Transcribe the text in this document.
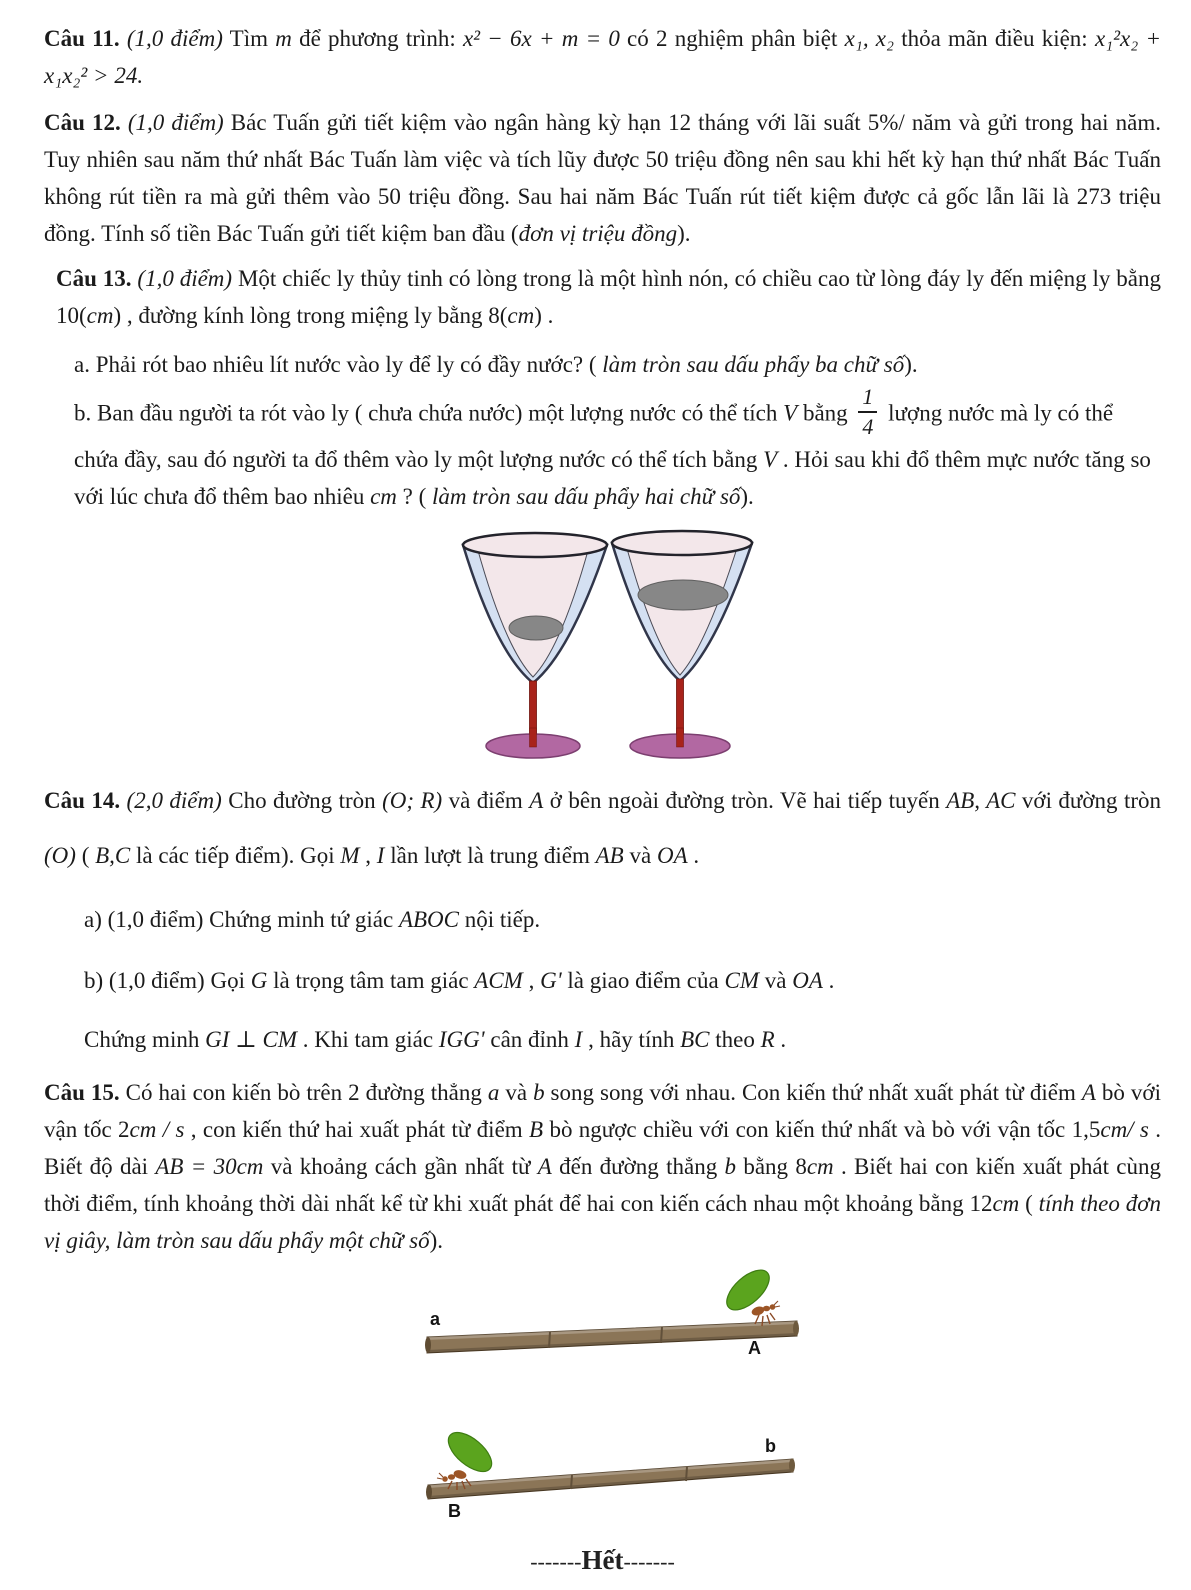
Câu 11. (1,0 điểm) Tìm m để phương trình: x² − 6x + m = 0 có 2 nghiệm phân biệt x₁, x₂ thỏa mãn điều kiện: x₁²x₂ + x₁x₂² > 24.

Câu 12. (1,0 điểm) Bác Tuấn gửi tiết kiệm vào ngân hàng kỳ hạn 12 tháng với lãi suất 5%/ năm và gửi trong hai năm. Tuy nhiên sau năm thứ nhất Bác Tuấn làm việc và tích lũy được 50 triệu đồng nên sau khi hết kỳ hạn thứ nhất Bác Tuấn không rút tiền ra mà gửi thêm vào 50 triệu đồng. Sau hai năm Bác Tuấn rút tiết kiệm được cả gốc lẫn lãi là 273 triệu đồng. Tính số tiền Bác Tuấn gửi tiết kiệm ban đầu (đơn vị triệu đồng).

Câu 13. (1,0 điểm) Một chiếc ly thủy tinh có lòng trong là một hình nón, có chiều cao từ lòng đáy ly đến miệng ly bằng 10(cm) , đường kính lòng trong miệng ly bằng 8(cm) .

a. Phải rót bao nhiêu lít nước vào ly để ly có đầy nước? ( làm tròn sau dấu phẩy ba chữ số).

b. Ban đầu người ta rót vào ly ( chưa chứa nước) một lượng nước có thể tích V bằng $\frac{1}{4}$ lượng nước mà ly có thể chứa đầy, sau đó người ta đổ thêm vào ly một lượng nước có thể tích bằng V . Hỏi sau khi đổ thêm mực nước tăng so với lúc chưa đổ thêm bao nhiêu cm ? ( làm tròn sau dấu phẩy hai chữ số).

Câu 14. (2,0 điểm) Cho đường tròn (O; R) và điểm A ở bên ngoài đường tròn. Vẽ hai tiếp tuyến AB, AC với đường tròn (O) ( B,C là các tiếp điểm). Gọi M , I lần lượt là trung điểm AB và OA .

a) (1,0 điểm) Chứng minh tứ giác ABOC nội tiếp.

b) (1,0 điểm) Gọi G là trọng tâm tam giác ACM , G' là giao điểm của CM và OA .

Chứng minh GI ⊥ CM . Khi tam giác IGG' cân đỉnh I , hãy tính BC theo R .

Câu 15. Có hai con kiến bò trên 2 đường thẳng a và b song song với nhau. Con kiến thứ nhất xuất phát từ điểm A bò với vận tốc 2cm / s , con kiến thứ hai xuất phát từ điểm B bò ngược chiều với con kiến thứ nhất và bò với vận tốc 1,5cm/ s . Biết độ dài AB = 30cm và khoảng cách gần nhất từ A đến đường thẳng b bằng 8cm . Biết hai con kiến xuất phát cùng thời điểm, tính khoảng thời dài nhất kể từ khi xuất phát để hai con kiến cách nhau một khoảng bằng 12cm ( tính theo đơn vị giây, làm tròn sau dấu phẩy một chữ số).

a
A
b
B
-------Hết-------
